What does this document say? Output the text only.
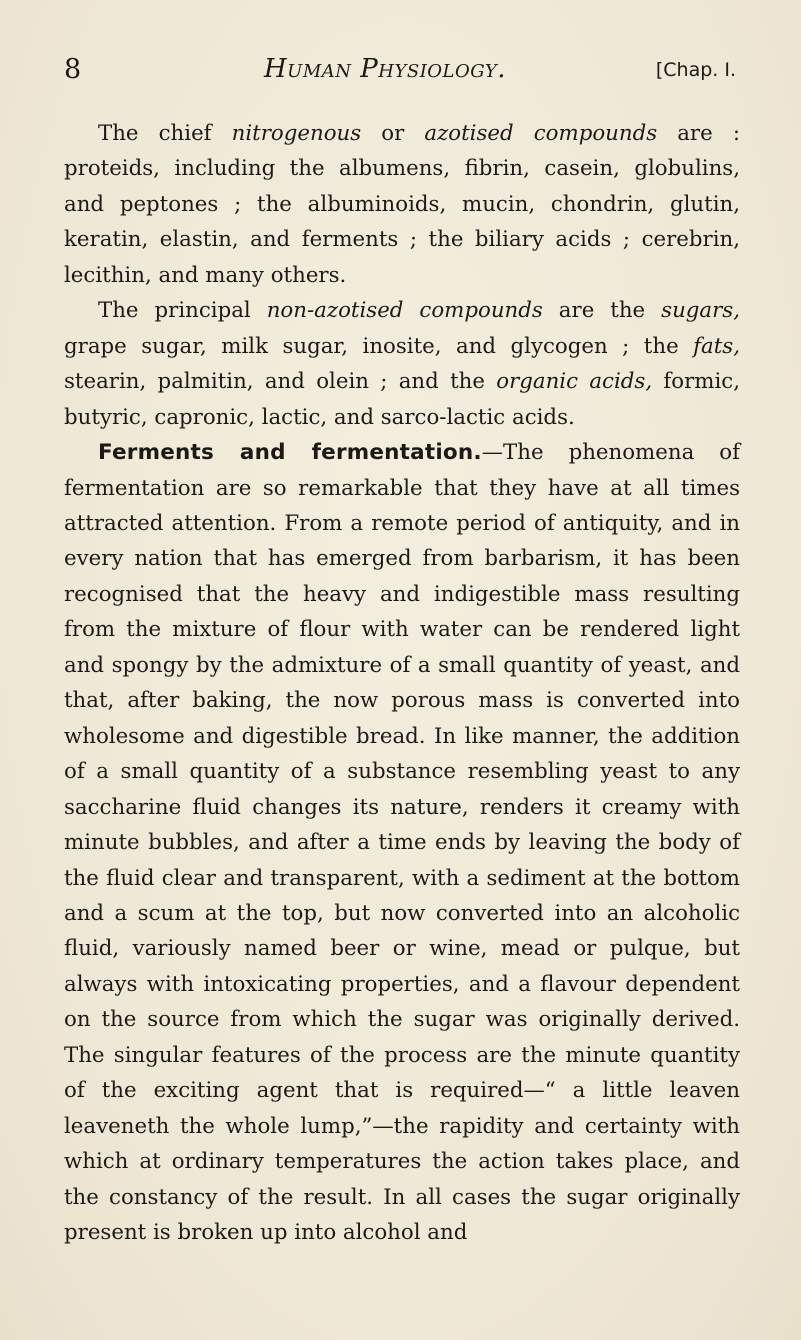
8	Human Physiology.	[Chap. I.

The chief nitrogenous or azotised compounds are : proteids, including the albumens, fibrin, casein, globulins, and peptones ; the albuminoids, mucin, chondrin, glutin, keratin, elastin, and ferments ; the biliary acids ; cerebrin, lecithin, and many others.

The principal non-azotised compounds are the sugars, grape sugar, milk sugar, inosite, and glycogen ; the fats, stearin, palmitin, and olein ; and the organic acids, formic, butyric, capronic, lactic, and sarco-lactic acids.

Ferments and fermentation.—The phenomena of fermentation are so remarkable that they have at all times attracted attention. From a remote period of antiquity, and in every nation that has emerged from barbarism, it has been recognised that the heavy and indigestible mass resulting from the mixture of flour with water can be rendered light and spongy by the admixture of a small quantity of yeast, and that, after baking, the now porous mass is converted into wholesome and digestible bread. In like manner, the addition of a small quantity of a substance resembling yeast to any saccharine fluid changes its nature, renders it creamy with minute bubbles, and after a time ends by leaving the body of the fluid clear and transparent, with a sediment at the bottom and a scum at the top, but now converted into an alcoholic fluid, variously named beer or wine, mead or pulque, but always with intoxicating properties, and a flavour dependent on the source from which the sugar was originally derived. The singular features of the process are the minute quantity of the exciting agent that is required—“ a little leaven leaveneth the whole lump,”—the rapidity and certainty with which at ordinary temperatures the action takes place, and the constancy of the result. In all cases the sugar originally present is broken up into alcohol and
